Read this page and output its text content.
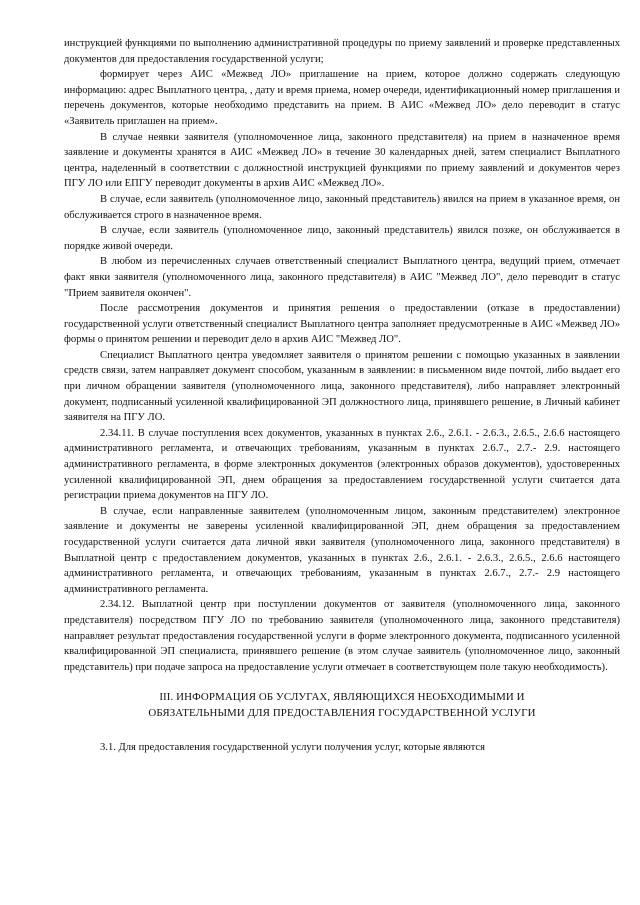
инструкцией функциями по выполнению административной процедуры по приему заявлений и проверке представленных документов для предоставления государственной услуги;

формирует через АИС «Межвед ЛО» приглашение на прием, которое должно содержать следующую информацию: адрес Выплатного центра, , дату и время приема, номер очереди, идентификационный номер приглашения и перечень документов, которые необходимо представить на прием. В АИС «Межвед ЛО» дело переводит в статус «Заявитель приглашен на прием».

В случае неявки заявителя (уполномоченное лица, законного представителя) на прием в назначенное время заявление и документы хранятся в АИС «Межвед ЛО» в течение 30 календарных дней, затем специалист Выплатного центра, наделенный в соответствии с должностной инструкцией функциями по приему заявлений и документов через ПГУ ЛО или ЕПГУ переводит документы в архив АИС «Межвед ЛО».

В случае, если заявитель (уполномоченное лицо, законный представитель) явился на прием в указанное время, он обслуживается строго в назначенное время.

В случае, если заявитель (уполномоченное лицо, законный представитель) явился позже, он обслуживается в порядке живой очереди.

В любом из перечисленных случаев ответственный специалист Выплатного центра, ведущий прием, отмечает факт явки заявителя (уполномоченного лица, законного представителя) в АИС "Межвед ЛО", дело переводит в статус "Прием заявителя окончен".

После рассмотрения документов и принятия решения о предоставлении (отказе в предоставлении) государственной услуги ответственный специалист Выплатного центра заполняет предусмотренные в АИС «Межвед ЛО» формы о принятом решении и переводит дело в архив АИС "Межвед ЛО".

Специалист Выплатного центра уведомляет заявителя о принятом решении с помощью указанных в заявлении средств связи, затем направляет документ способом, указанным в заявлении: в письменном виде почтой, либо выдает его при личном обращении заявителя (уполномоченного лица, законного представителя), либо направляет электронный документ, подписанный усиленной квалифицированной ЭП должностного лица, принявшего решение, в Личный кабинет заявителя на ПГУ ЛО.

2.34.11. В случае поступления всех документов, указанных в пунктах 2.6., 2.6.1. - 2.6.3., 2.6.5., 2.6.6 настоящего административного регламента, и отвечающих требованиям, указанным в пунктах 2.6.7., 2.7.- 2.9. настоящего административного регламента, в форме электронных документов (электронных образов документов), удостоверенных усиленной квалифицированной ЭП, днем обращения за предоставлением государственной услуги считается дата регистрации приема документов на ПГУ ЛО.

В случае, если направленные заявителем (уполномоченным лицом, законным представителем) электронное заявление и документы не заверены усиленной квалифицированной ЭП, днем обращения за предоставлением государственной услуги считается дата личной явки заявителя (уполномоченного лица, законного представителя) в Выплатной центр с предоставлением документов, указанных в пунктах 2.6., 2.6.1. - 2.6.3., 2.6.5., 2.6.6 настоящего административного регламента, и отвечающих требованиям, указанным в пунктах 2.6.7., 2.7.- 2.9 настоящего административного регламента.

2.34.12. Выплатной центр при поступлении документов от заявителя (уполномоченного лица, законного представителя) посредством ПГУ ЛО по требованию заявителя (уполномоченного лица, законного представителя) направляет результат предоставления государственной услуги в форме электронного документа, подписанного усиленной квалифицированной ЭП специалиста, принявшего решение (в этом случае заявитель (уполномоченное лицо, законный представитель) при подаче запроса на предоставление услуги отмечает в соответствующем поле такую необходимость).

III. ИНФОРМАЦИЯ ОБ УСЛУГАХ, ЯВЛЯЮЩИХСЯ НЕОБХОДИМЫМИ И
ОБЯЗАТЕЛЬНЫМИ ДЛЯ ПРЕДОСТАВЛЕНИЯ ГОСУДАРСТВЕННОЙ УСЛУГИ

3.1. Для предоставления государственной услуги получения услуг, которые являются
